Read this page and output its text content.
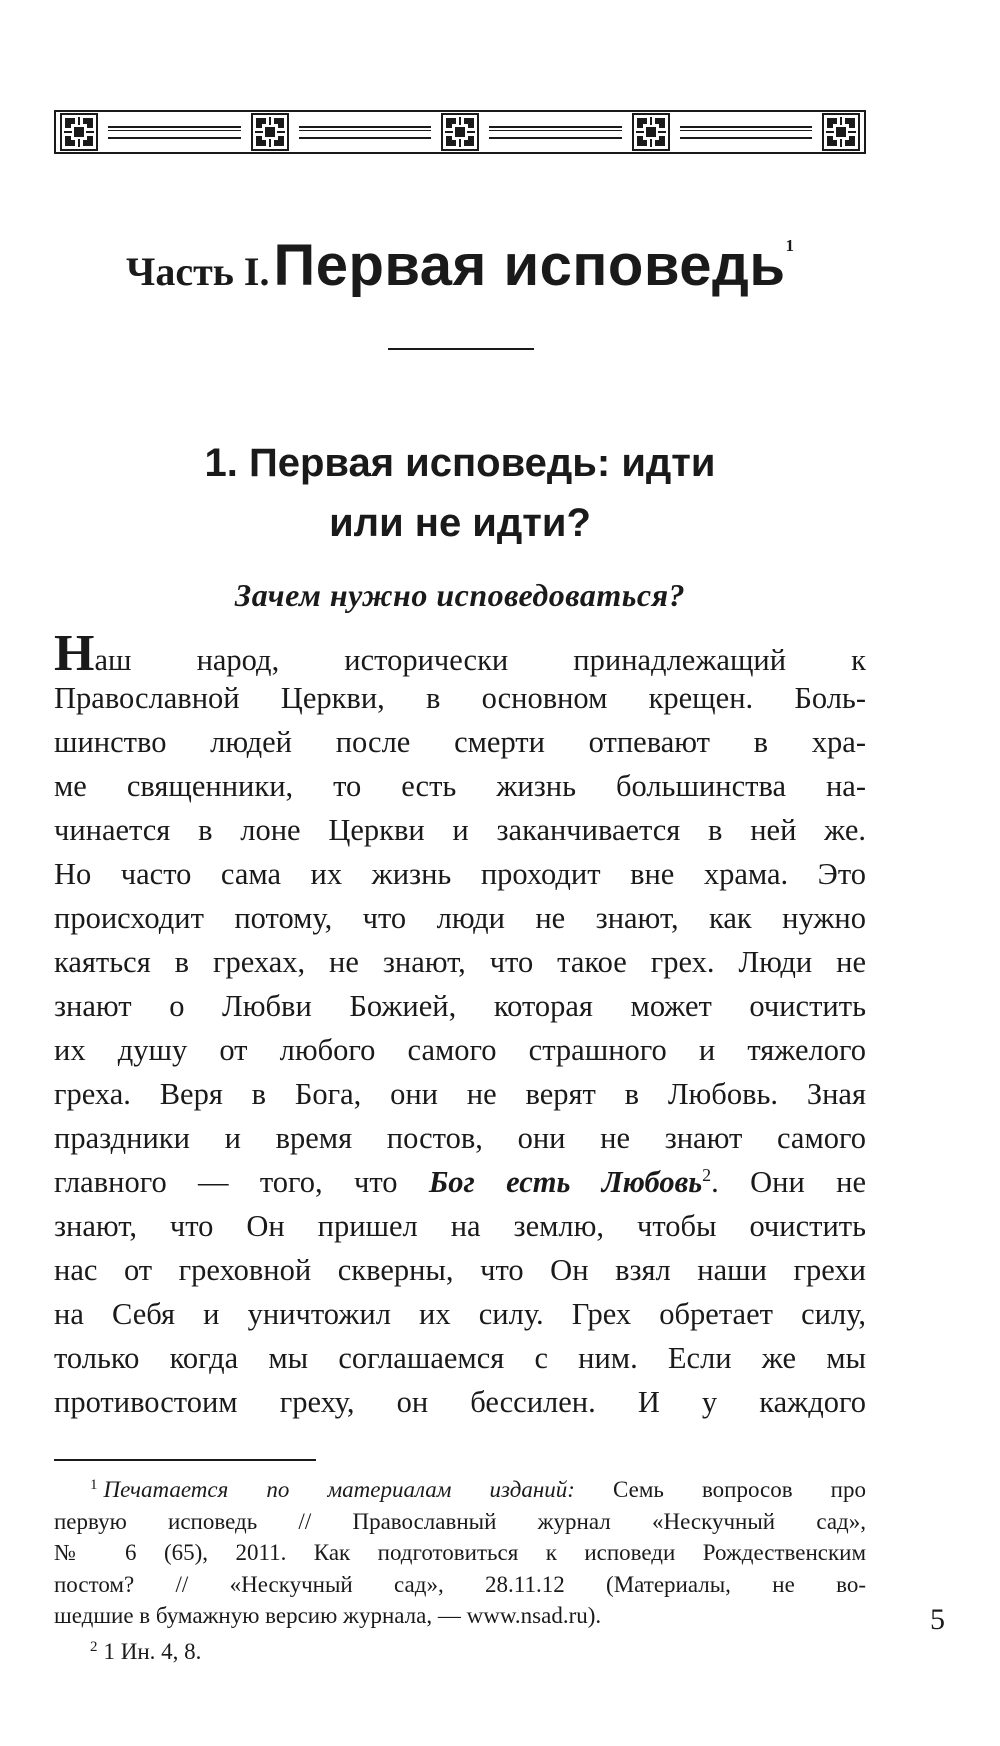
Часть I. Первая исповедь1
1. Первая исповедь: идти
или не идти?
Зачем нужно исповедоваться?
Наш народ, исторически принадлежащий к
Православной Церкви, в основном крещен. Боль-
шинство людей после смерти отпевают в хра-
ме священники, то есть жизнь большинства на-
чинается в лоне Церкви и заканчивается в ней же.
Но часто сама их жизнь проходит вне храма. Это
происходит потому, что люди не знают, как нужно
каяться в грехах, не знают, что такое грех. Люди не
знают о Любви Божией, которая может очистить
их душу от любого самого страшного и тяжелого
греха. Веря в Бога, они не верят в Любовь. Зная
праздники и время постов, они не знают самого
главного — того, что Бог есть Любовь$^2$. Они не
знают, что Он пришел на землю, чтобы очистить
нас от греховной скверны, что Он взял наши грехи
на Себя и уничтожил их силу. Грех обретает силу,
только когда мы соглашаемся с ним. Если же мы
противостоим греху, он бессилен. И у каждого
$^1$ Печатается по материалам изданий: Семь вопросов про
первую исповедь // Православный журнал «Нескучный сад»,
№ 6 (65), 2011. Как подготовиться к исповеди Рождественским
постом? // «Нескучный сад», 28.11.12 (Материалы, не во-
шедшие в бумажную версию журнала, — www.nsad.ru).
$^2$ 1 Ин. 4, 8.
5
